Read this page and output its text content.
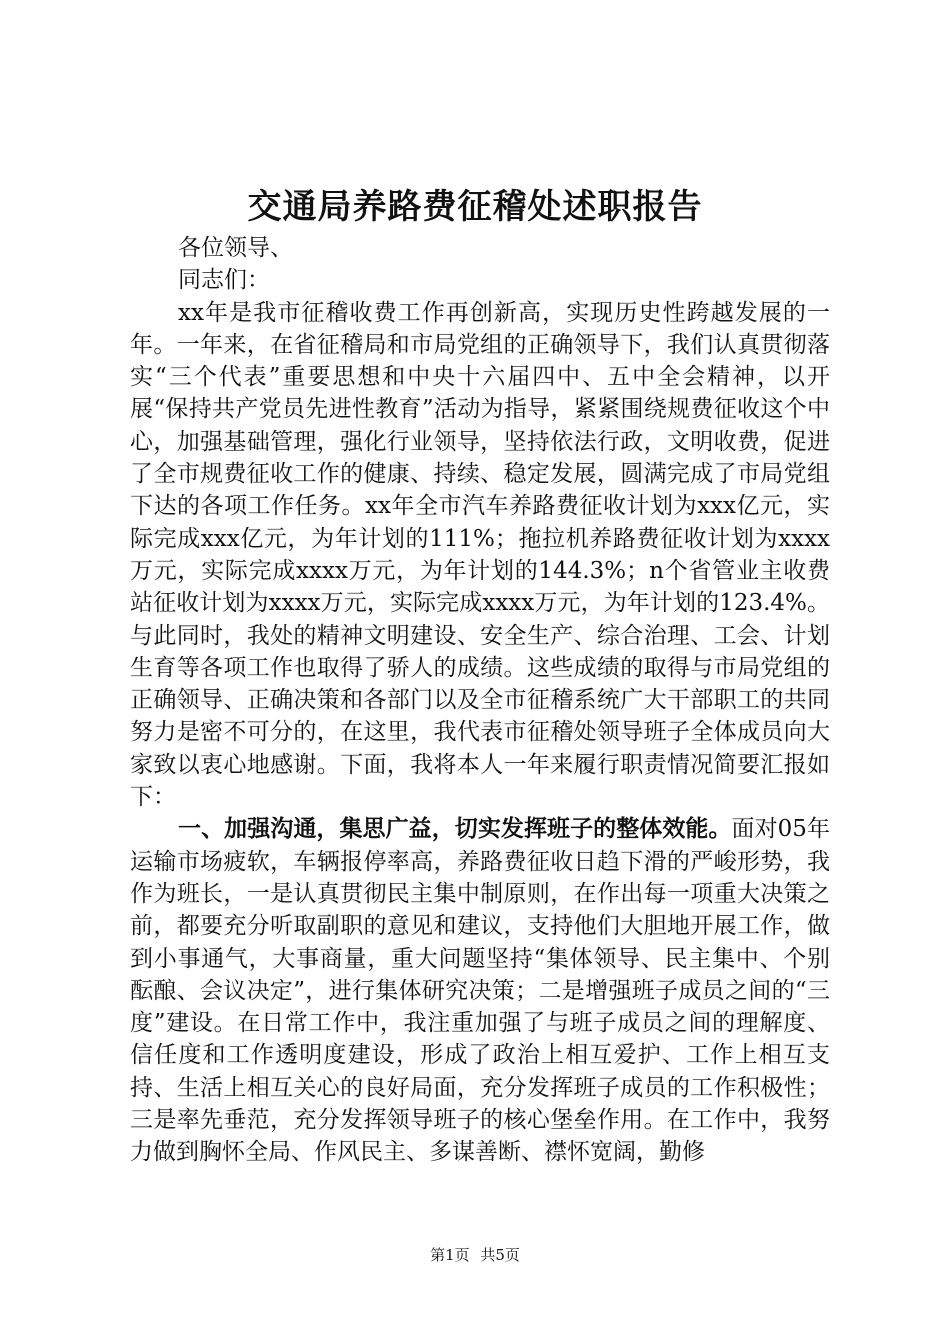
交通局养路费征稽处述职报告

各位领导、

同志们：

xx年是我市征稽收费工作再创新高，实现历史性跨越发展的一年。一年来，在省征稽局和市局党组的正确领导下，我们认真贯彻落实“三个代表”重要思想和中央十六届四中、五中全会精神，以开展“保持共产党员先进性教育”活动为指导，紧紧围绕规费征收这个中心，加强基础管理，强化行业领导，坚持依法行政，文明收费，促进了全市规费征收工作的健康、持续、稳定发展，圆满完成了市局党组下达的各项工作任务。xx年全市汽车养路费征收计划为xxx亿元，实际完成xxx亿元，为年计划的111%；拖拉机养路费征收计划为xxxx万元，实际完成xxxx万元，为年计划的144.3%；n个省管业主收费站征收计划为xxxx万元，实际完成xxxx万元，为年计划的123.4%。与此同时，我处的精神文明建设、安全生产、综合治理、工会、计划生育等各项工作也取得了骄人的成绩。这些成绩的取得与市局党组的正确领导、正确决策和各部门以及全市征稽系统广大干部职工的共同努力是密不可分的，在这里，我代表市征稽处领导班子全体成员向大家致以衷心地感谢。下面，我将本人一年来履行职责情况简要汇报如下：

一、加强沟通，集思广益，切实发挥班子的整体效能。面对05年运输市场疲软，车辆报停率高，养路费征收日趋下滑的严峻形势，我作为班长，一是认真贯彻民主集中制原则，在作出每一项重大决策之前，都要充分听取副职的意见和建议，支持他们大胆地开展工作，做到小事通气，大事商量，重大问题坚持“集体领导、民主集中、个别酝酿、会议决定”，进行集体研究决策；二是增强班子成员之间的“三度”建设。在日常工作中，我注重加强了与班子成员之间的理解度、信任度和工作透明度建设，形成了政治上相互爱护、工作上相互支持、生活上相互关心的良好局面，充分发挥班子成员的工作积极性；三是率先垂范，充分发挥领导班子的核心堡垒作用。在工作中，我努力做到胸怀全局、作风民主、多谋善断、襟怀宽阔，勤修

第1页 共5页
